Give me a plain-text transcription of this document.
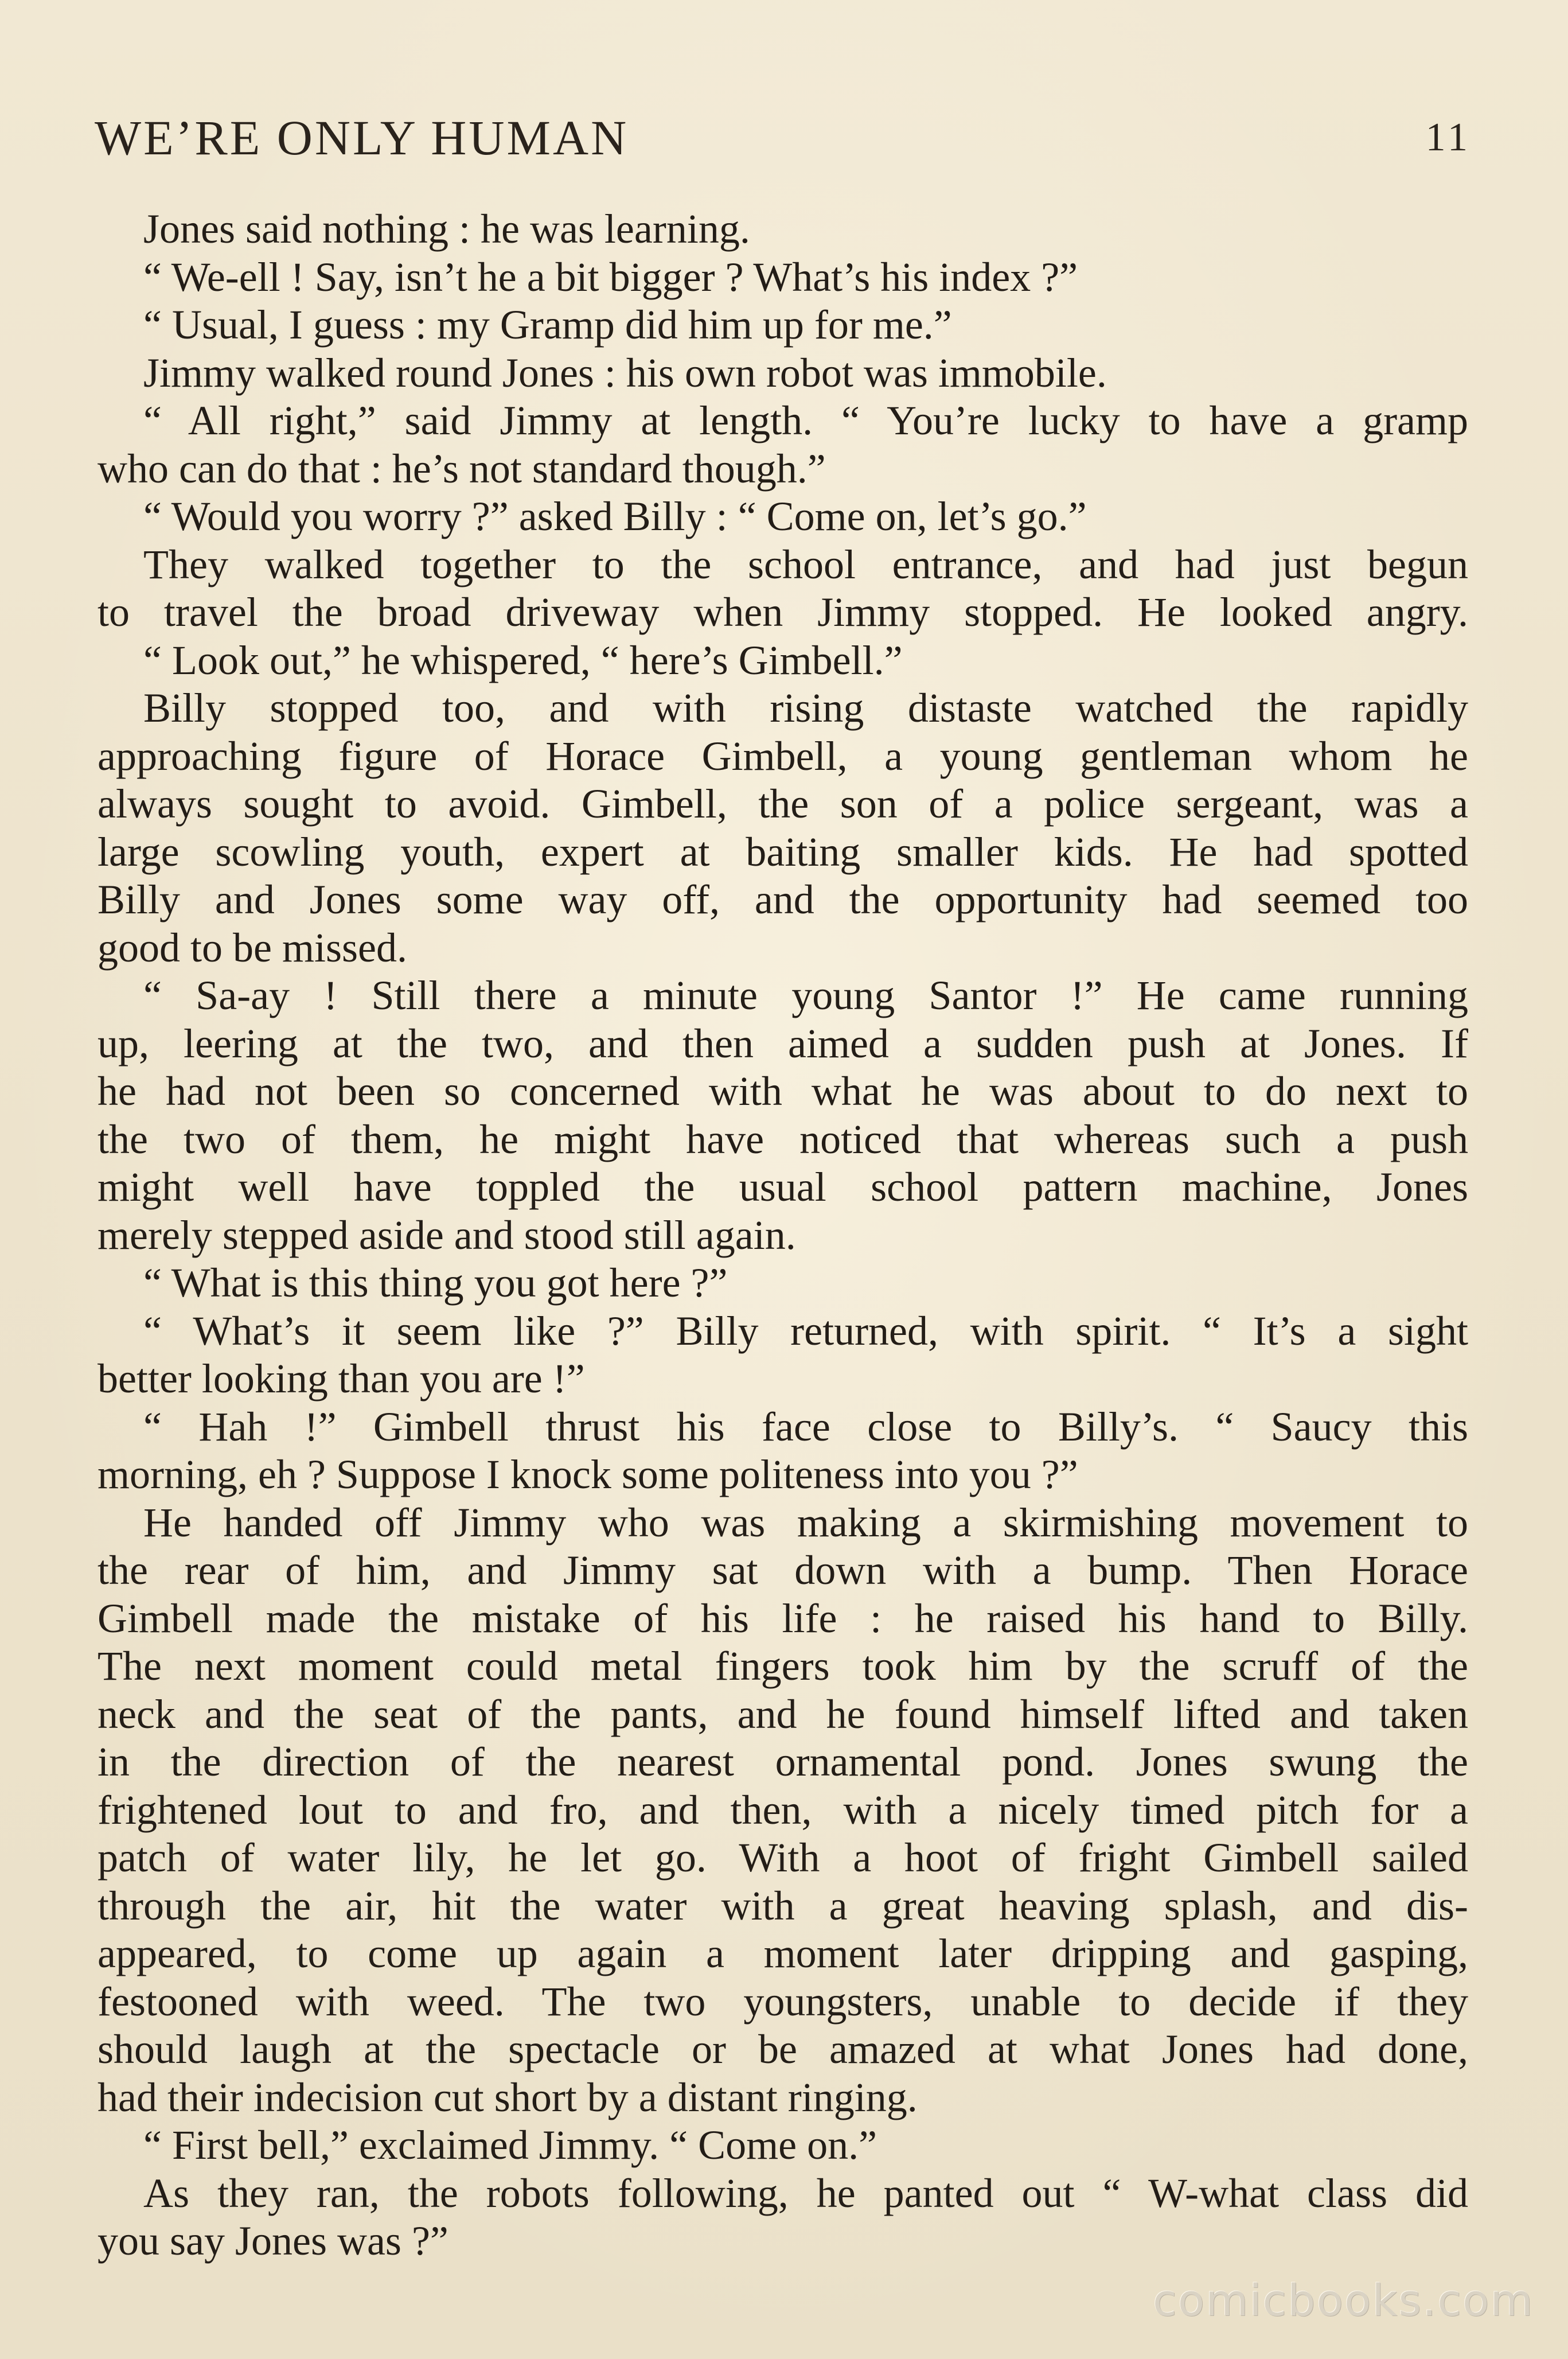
WE’RE ONLY HUMAN	11
Jones said nothing : he was learning.
“ We-ell ! Say, isn’t he a bit bigger ? What’s his index ?”
“ Usual, I guess : my Gramp did him up for me.”
Jimmy walked round Jones : his own robot was immobile.
“ All right,” said Jimmy at length. “ You’re lucky to have a gramp
who can do that : he’s not standard though.”
“ Would you worry ?” asked Billy : “ Come on, let’s go.”
They walked together to the school entrance, and had just begun
to travel the broad driveway when Jimmy stopped. He looked angry.
“ Look out,” he whispered, “ here’s Gimbell.”
Billy stopped too, and with rising distaste watched the rapidly
approaching figure of Horace Gimbell, a young gentleman whom he
always sought to avoid. Gimbell, the son of a police sergeant, was a
large scowling youth, expert at baiting smaller kids. He had spotted
Billy and Jones some way off, and the opportunity had seemed too
good to be missed.
“ Sa-ay ! Still there a minute young Santor !” He came running
up, leering at the two, and then aimed a sudden push at Jones. If
he had not been so concerned with what he was about to do next to
the two of them, he might have noticed that whereas such a push
might well have toppled the usual school pattern machine, Jones
merely stepped aside and stood still again.
“ What is this thing you got here ?”
“ What’s it seem like ?” Billy returned, with spirit. “ It’s a sight
better looking than you are !”
“ Hah !” Gimbell thrust his face close to Billy’s. “ Saucy this
morning, eh ? Suppose I knock some politeness into you ?”
He handed off Jimmy who was making a skirmishing movement to
the rear of him, and Jimmy sat down with a bump. Then Horace
Gimbell made the mistake of his life : he raised his hand to Billy.
The next moment could metal fingers took him by the scruff of the
neck and the seat of the pants, and he found himself lifted and taken
in the direction of the nearest ornamental pond. Jones swung the
frightened lout to and fro, and then, with a nicely timed pitch for a
patch of water lily, he let go. With a hoot of fright Gimbell sailed
through the air, hit the water with a great heaving splash, and dis-
appeared, to come up again a moment later dripping and gasping,
festooned with weed. The two youngsters, unable to decide if they
should laugh at the spectacle or be amazed at what Jones had done,
had their indecision cut short by a distant ringing.
“ First bell,” exclaimed Jimmy. “ Come on.”
As they ran, the robots following, he panted out “ W-what class did
you say Jones was ?”
comicbooks.com
